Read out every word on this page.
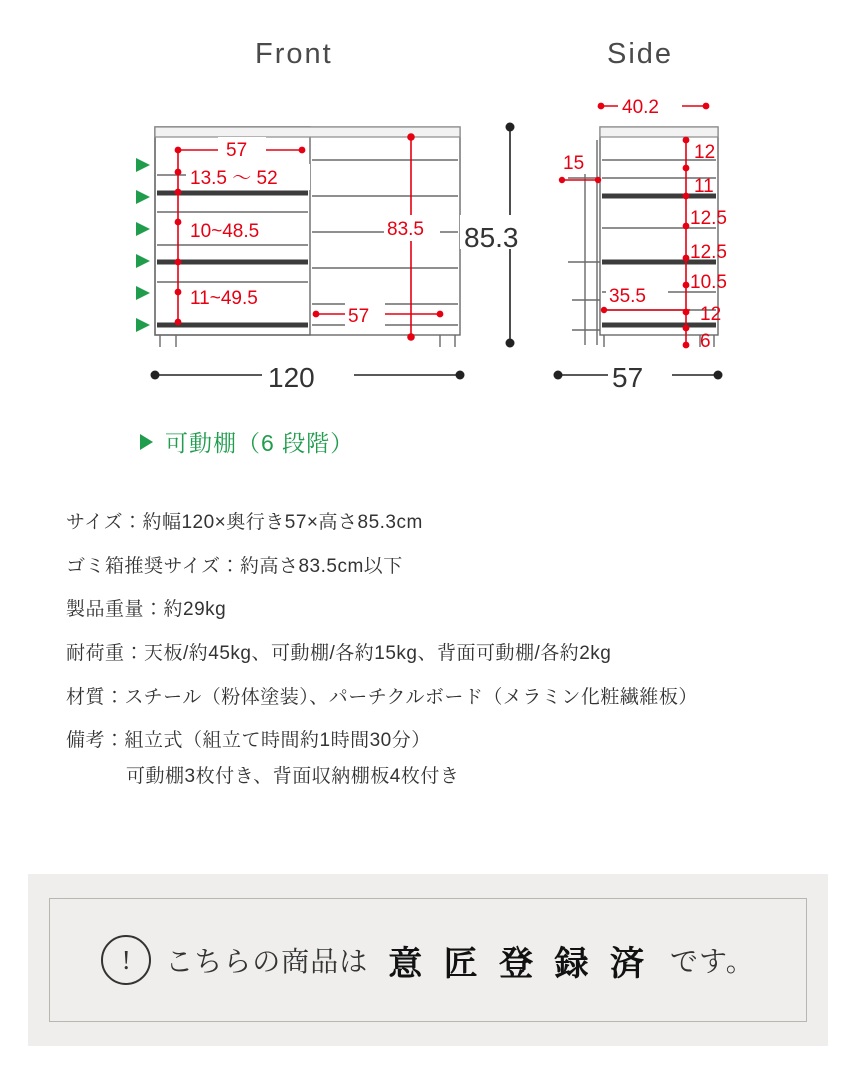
Front	Side
57
13.5 ～ 52
10~48.5
11~49.5
83.5
57
85.3
120
40.2
15
35.5
12
11
12.5
12.5
10.5
12
6
57
可動棚（6 段階）
サイズ：約幅120×奥行き57×高さ85.3cm
ゴミ箱推奨サイズ：約高さ83.5cm以下
製品重量：約29kg
耐荷重：天板/約45kg、可動棚/各約15kg、背面可動棚/各約2kg
材質：スチール（粉体塗装）、パーチクルボード（メラミン化粧繊維板）
備考：組立式（組立て時間約1時間30分）
可動棚3枚付き、背面収納棚板4枚付き
!	こちらの商品は 意 匠 登 録 済 です。
